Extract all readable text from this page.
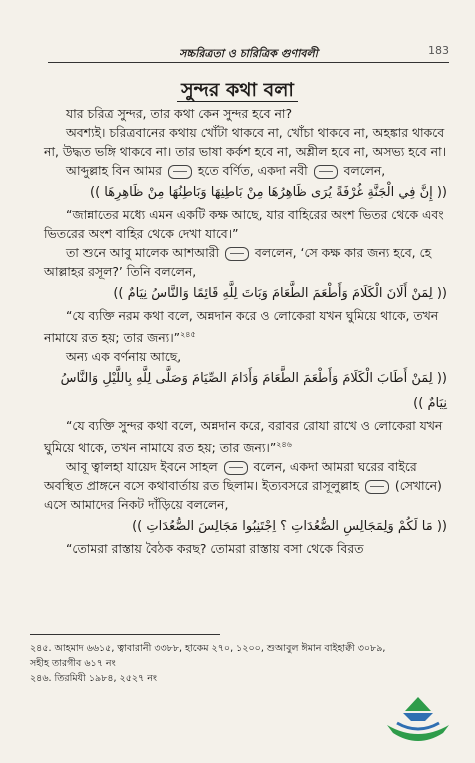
সচ্চরিত্রতা ও চারিত্রিক গুণাবলী	183
সুন্দর কথা বলা

যার চরিত্র সুন্দর, তার কথা কেন সুন্দর হবে না?

অবশ্যই। চরিত্রবানের কথায় খোঁটা থাকবে না, খোঁচা থাকবে না, অহঙ্কার থাকবে না, উদ্ধত ভঙ্গি থাকবে না। তার ভাষা কর্কশ হবে না, অশ্লীল হবে না, অসভ্য হবে না।

আব্দুল্লাহ বিন আমর	হতে বর্ণিত, একদা নবী	বললেন,

(( إِنَّ فِي الْجَنَّةِ غُرْفَةً يُرَى ظَاهِرُهَا مِنْ بَاطِنِهَا وَبَاطِنُهَا مِنْ ظَاهِرِهَا ))

“জান্নাতের মধ্যে এমন একটি কক্ষ আছে, যার বাহিরের অংশ ভিতর থেকে এবং ভিতরের অংশ বাহির থেকে দেখা যাবে।”

তা শুনে আবু মালেক আশআরী	বললেন, ‘সে কক্ষ কার জন্য হবে, হে আল্লাহর রসূল?’ তিনি বললেন,

(( لِمَنْ أَلَانَ الْكَلَامَ وَأَطْعَمَ الطَّعَامَ وَبَاتَ لِلَّهِ قَائِمًا وَالنَّاسُ نِيَامٌ ))

“যে ব্যক্তি নরম কথা বলে, অন্নদান করে ও লোকেরা যখন ঘুমিয়ে থাকে, তখন নামাযে রত হয়; তার জন্য।”$^{২৪৫}$

অন্য এক বর্ণনায় আছে,

(( لِمَنْ أَطَابَ الْكَلَامَ وَأَطْعَمَ الطَّعَامَ وَأَدَامَ الصِّيَامَ وَصَلَّى لِلَّهِ بِاللَّيْلِ وَالنَّاسُ نِيَامٌ ))

“যে ব্যক্তি সুন্দর কথা বলে, অন্নদান করে, বরাবর রোযা রাখে ও লোকেরা যখন ঘুমিয়ে থাকে, তখন নামাযে রত হয়; তার জন্য।”$^{২৪৬}$

আবূ ত্বালহা যায়েদ ইবনে সাহল	বলেন, একদা আমরা ঘরের বাইরে অবস্থিত প্রাঙ্গনে বসে কথাবার্তায় রত ছিলাম। ইত্যবসরে রাসূলুল্লাহ	(সেখানে) এসে আমাদের নিকট দাঁড়িয়ে বললেন,

(( مَا لَكُمْ وَلِمَجَالِسِ الصُّعُدَاتِ ؟ اِجْتَنِبُوا مَجَالِسَ الصُّعُدَاتِ ))

“তোমরা রাস্তায় বৈঠক করছ? তোমরা রাস্তায় বসা থেকে বিরত

২৪৫. আহমাদ ৬৬১৫, ত্বাবারানী ৩৩৮৮, হাকেম ২৭০, ১২০০, শুআবুল ঈমান বাইহাক্বী ৩০৮৯, সহীহ তারগীব ৬১৭ নং

২৪৬. তিরমিযী ১৯৮৪, ২৫২৭ নং
